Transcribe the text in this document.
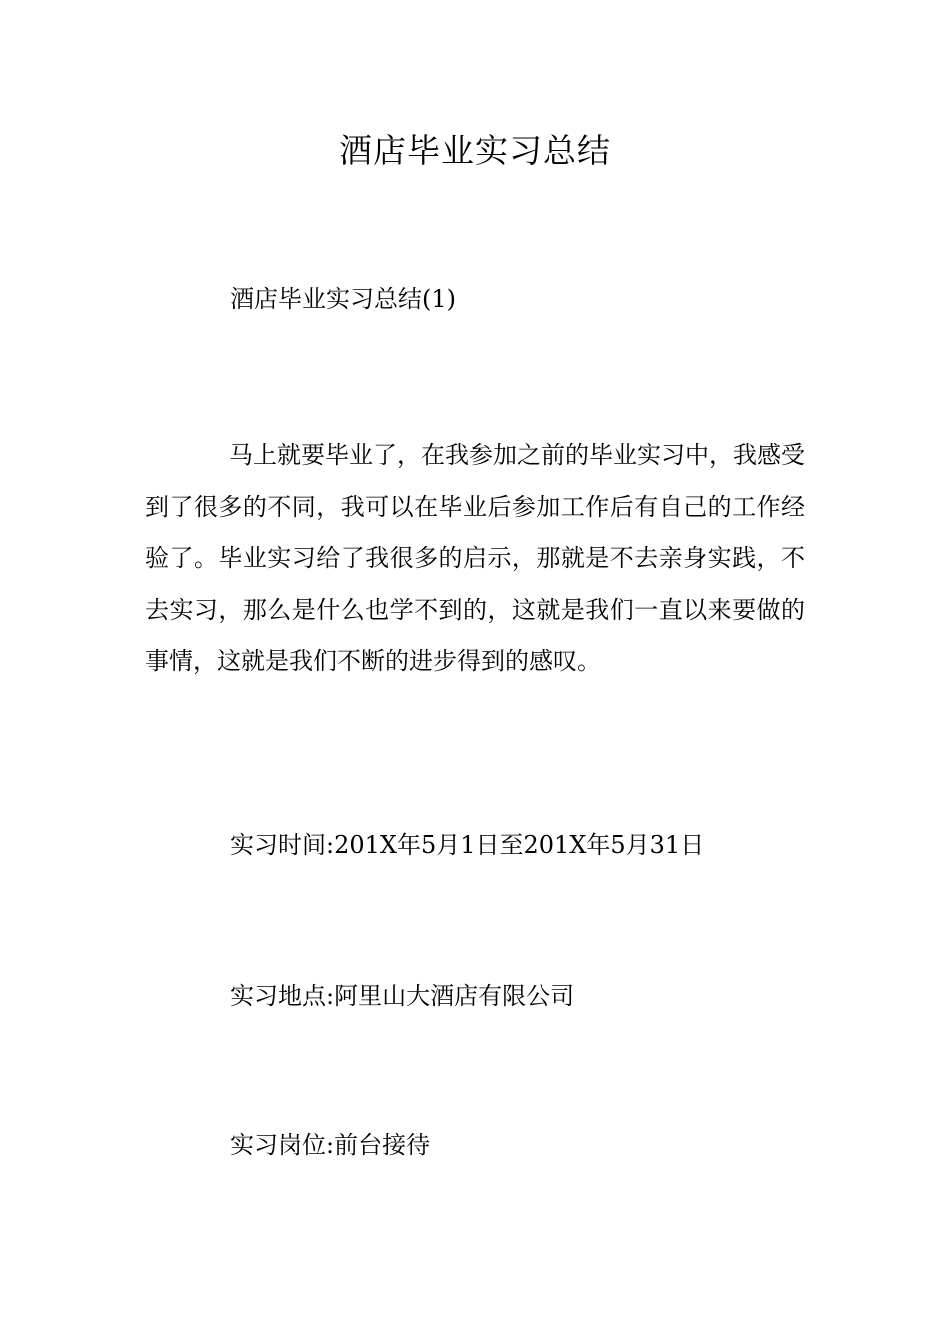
酒店毕业实习总结

酒店毕业实习总结(1)

马上就要毕业了，在我参加之前的毕业实习中，我感受到了很多的不同，我可以在毕业后参加工作后有自己的工作经验了。毕业实习给了我很多的启示，那就是不去亲身实践，不去实习，那么是什么也学不到的，这就是我们一直以来要做的事情，这就是我们不断的进步得到的感叹。

实习时间:201X年5月1日至201X年5月31日

实习地点:阿里山大酒店有限公司

实习岗位:前台接待
